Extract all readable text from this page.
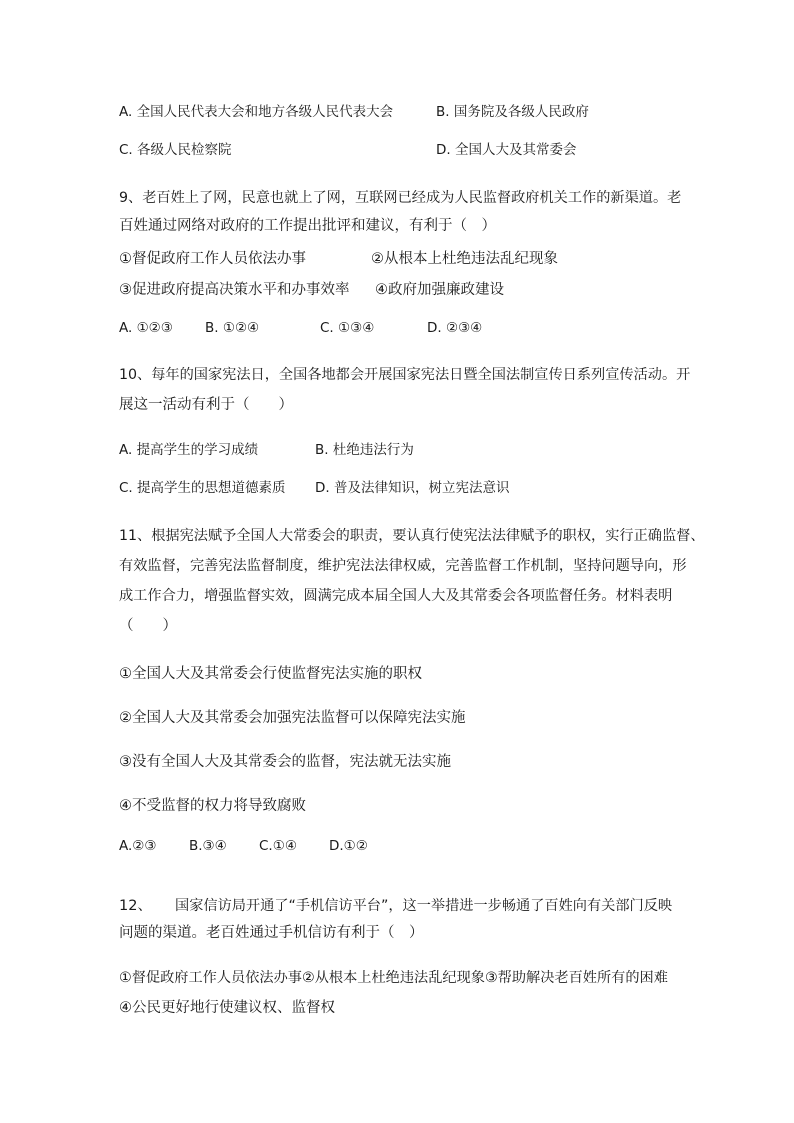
A. 全国人民代表大会和地方各级人民代表大会	B. 国务院及各级人民政府
C. 各级人民检察院	D. 全国人大及其常委会
9、老百姓上了网，民意也就上了网，互联网已经成为人民监督政府机关工作的新渠道。老
百姓通过网络对政府的工作提出批评和建议，有利于（　）
①督促政府工作人员依法办事	②从根本上杜绝违法乱纪现象
③促进政府提高决策水平和办事效率 ④政府加强廉政建设
A. ①②③ B. ①②④	C. ①③④	D. ②③④
10、每年的国家宪法日，全国各地都会开展国家宪法日暨全国法制宣传日系列宣传活动。开
展这一活动有利于（　　）
A. 提高学生的学习成绩	B. 杜绝违法行为
C. 提高学生的思想道德素质 D. 普及法律知识，树立宪法意识
11、根据宪法赋予全国人大常委会的职责，要认真行使宪法法律赋予的职权，实行正确监督、
有效监督，完善宪法监督制度，维护宪法法律权威，完善监督工作机制，坚持问题导向，形
成工作合力，增强监督实效，圆满完成本届全国人大及其常委会各项监督任务。材料表明
（　　）
①全国人大及其常委会行使监督宪法实施的职权
②全国人大及其常委会加强宪法监督可以保障宪法实施
③没有全国人大及其常委会的监督，宪法就无法实施
④不受监督的权力将导致腐败
A.②③ B.③④ C.①④ D.①②
12、 国家信访局开通了“手机信访平台”，这一举措进一步畅通了百姓向有关部门反映
问题的渠道。老百姓通过手机信访有利于（　）
①督促政府工作人员依法办事②从根本上杜绝违法乱纪现象③帮助解决老百姓所有的困难
④公民更好地行使建议权、监督权
